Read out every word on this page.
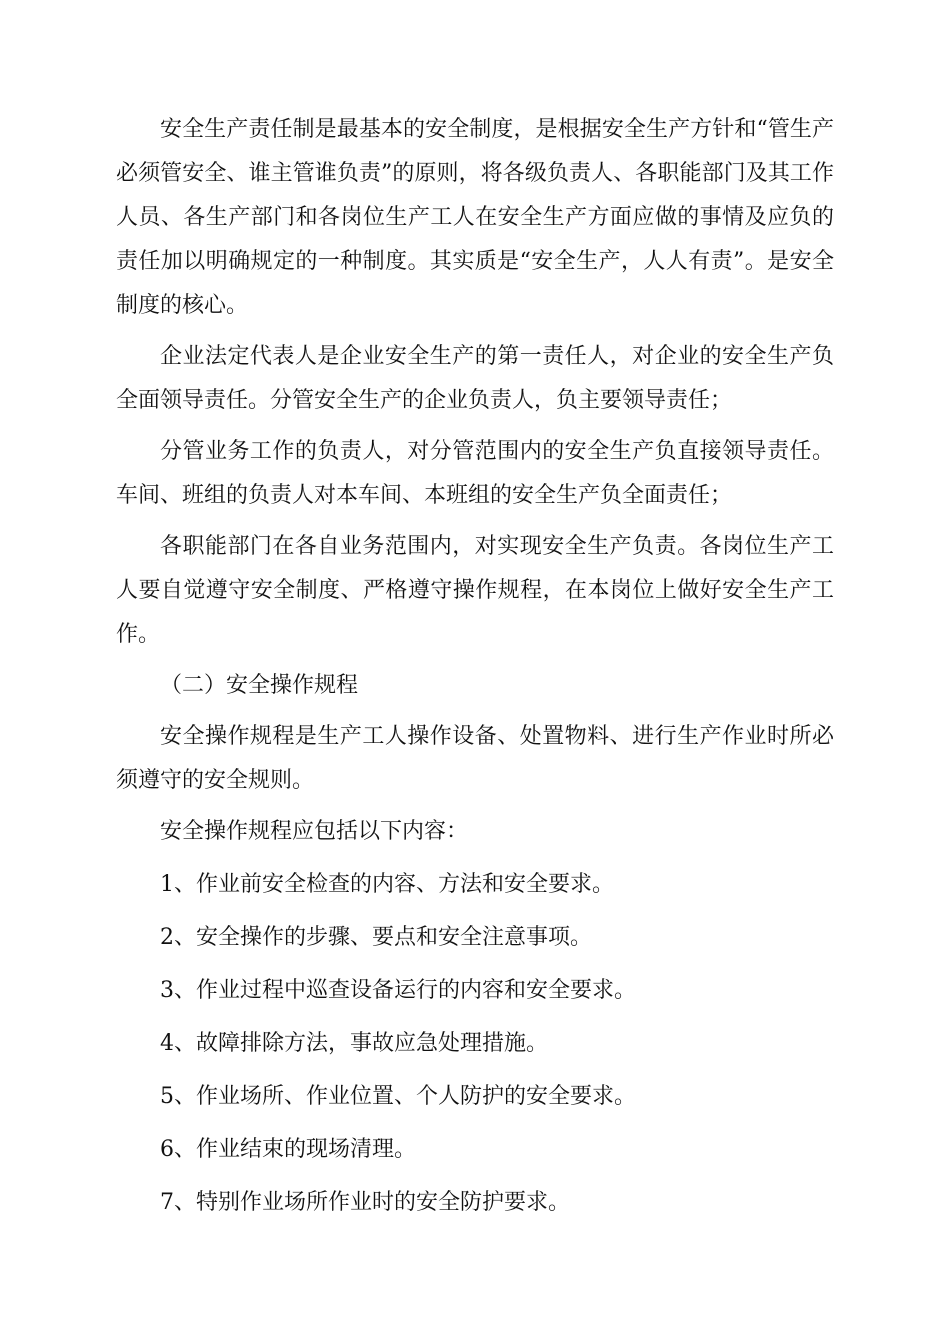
安全生产责任制是最基本的安全制度，是根据安全生产方针和“管生产必须管安全、谁主管谁负责”的原则，将各级负责人、各职能部门及其工作人员、各生产部门和各岗位生产工人在安全生产方面应做的事情及应负的责任加以明确规定的一种制度。其实质是“安全生产，人人有责”。是安全制度的核心。

企业法定代表人是企业安全生产的第一责任人，对企业的安全生产负全面领导责任。分管安全生产的企业负责人，负主要领导责任；

分管业务工作的负责人，对分管范围内的安全生产负直接领导责任。车间、班组的负责人对本车间、本班组的安全生产负全面责任；

各职能部门在各自业务范围内，对实现安全生产负责。各岗位生产工人要自觉遵守安全制度、严格遵守操作规程，在本岗位上做好安全生产工作。

（二）安全操作规程

安全操作规程是生产工人操作设备、处置物料、进行生产作业时所必须遵守的安全规则。

安全操作规程应包括以下内容：

1、作业前安全检查的内容、方法和安全要求。

2、安全操作的步骤、要点和安全注意事项。

3、作业过程中巡查设备运行的内容和安全要求。

4、故障排除方法，事故应急处理措施。

5、作业场所、作业位置、个人防护的安全要求。

6、作业结束的现场清理。

7、特别作业场所作业时的安全防护要求。
